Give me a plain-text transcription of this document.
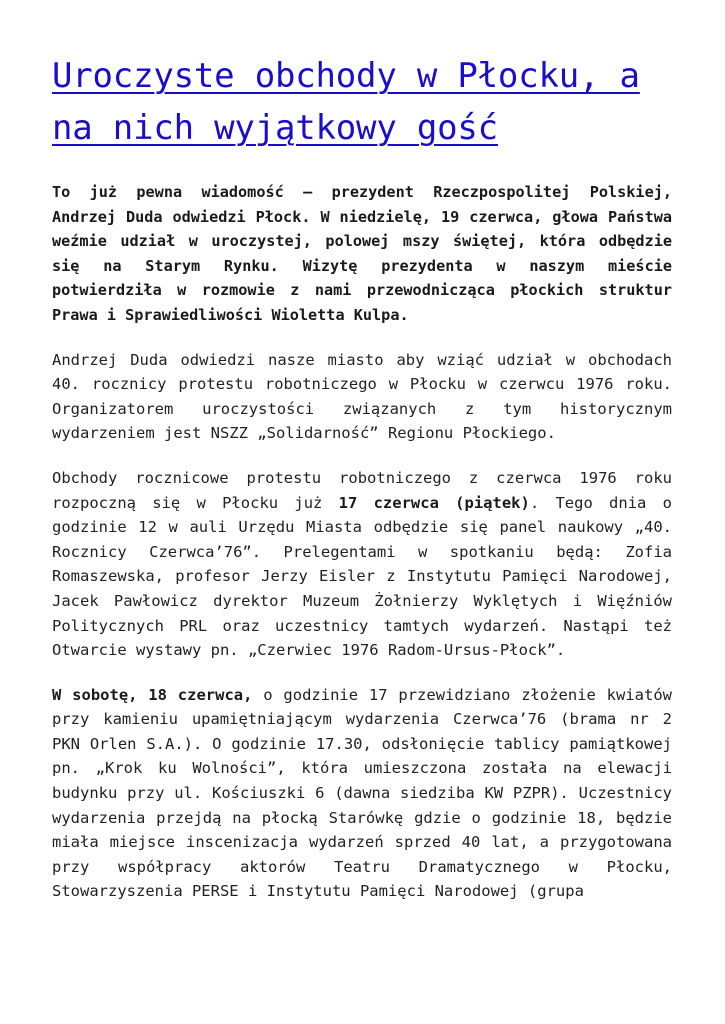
Uroczyste obchody w Płocku, a na nich wyjątkowy gość

To już pewna wiadomość – prezydent Rzeczpospolitej Polskiej, Andrzej Duda odwiedzi Płock. W niedzielę, 19 czerwca, głowa Państwa weźmie udział w uroczystej, polowej mszy świętej, która odbędzie się na Starym Rynku. Wizytę prezydenta w naszym mieście potwierdziła w rozmowie z nami przewodnicząca płockich struktur Prawa i Sprawiedliwości Wioletta Kulpa.

Andrzej Duda odwiedzi nasze miasto aby wziąć udział w obchodach 40. rocznicy protestu robotniczego w Płocku w czerwcu 1976 roku. Organizatorem uroczystości związanych z tym historycznym wydarzeniem jest NSZZ „Solidarność” Regionu Płockiego.

Obchody rocznicowe protestu robotniczego z czerwca 1976 roku rozpoczną się w Płocku już 17 czerwca (piątek). Tego dnia o godzinie 12 w auli Urzędu Miasta odbędzie się panel naukowy „40. Rocznicy Czerwca’76”. Prelegentami w spotkaniu będą: Zofia Romaszewska, profesor Jerzy Eisler z Instytutu Pamięci Narodowej, Jacek Pawłowicz dyrektor Muzeum Żołnierzy Wyklętych i Więźniów Politycznych PRL oraz uczestnicy tamtych wydarzeń. Nastąpi też Otwarcie wystawy pn. „Czerwiec 1976 Radom-Ursus-Płock”.

W sobotę, 18 czerwca, o godzinie 17 przewidziano złożenie kwiatów przy kamieniu upamiętniającym wydarzenia Czerwca’76 (brama nr 2 PKN Orlen S.A.). O godzinie 17.30, odsłonięcie tablicy pamiątkowej pn. „Krok ku Wolności”, która umieszczona została na elewacji budynku przy ul. Kościuszki 6 (dawna siedziba KW PZPR). Uczestnicy wydarzenia przejdą na płocką Starówkę gdzie o godzinie 18, będzie miała miejsce inscenizacja wydarzeń sprzed 40 lat, a przygotowana przy współpracy aktorów Teatru Dramatycznego w Płocku, Stowarzyszenia PERSE i Instytutu Pamięci Narodowej (grupa
